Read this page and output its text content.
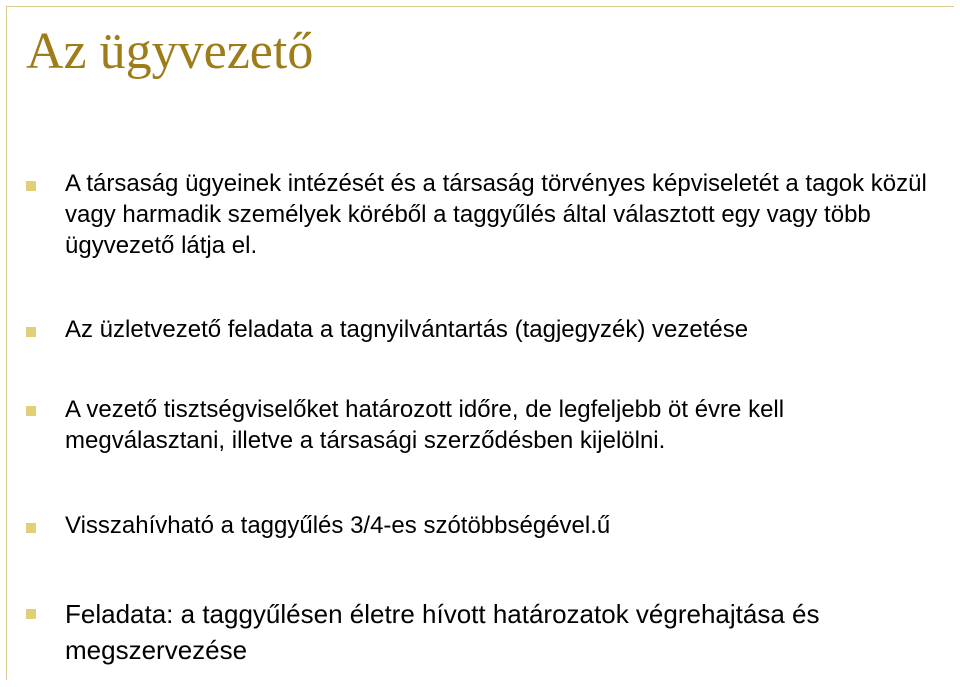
Az ügyvezető
A társaság ügyeinek intézését és a társaság törvényes képviseletét a tagok közül vagy harmadik személyek köréből a taggyűlés által választott egy vagy több ügyvezető látja el.
Az üzletvezető feladata a tagnyilvántartás (tagjegyzék) vezetése
A vezető tisztségviselőket határozott időre, de legfeljebb öt évre kell megválasztani, illetve a társasági szerződésben kijelölni.
Visszahívható a taggyűlés 3/4-es szótöbbségével.ű
Feladata: a taggyűlésen életre hívott határozatok végrehajtása és megszervezése
